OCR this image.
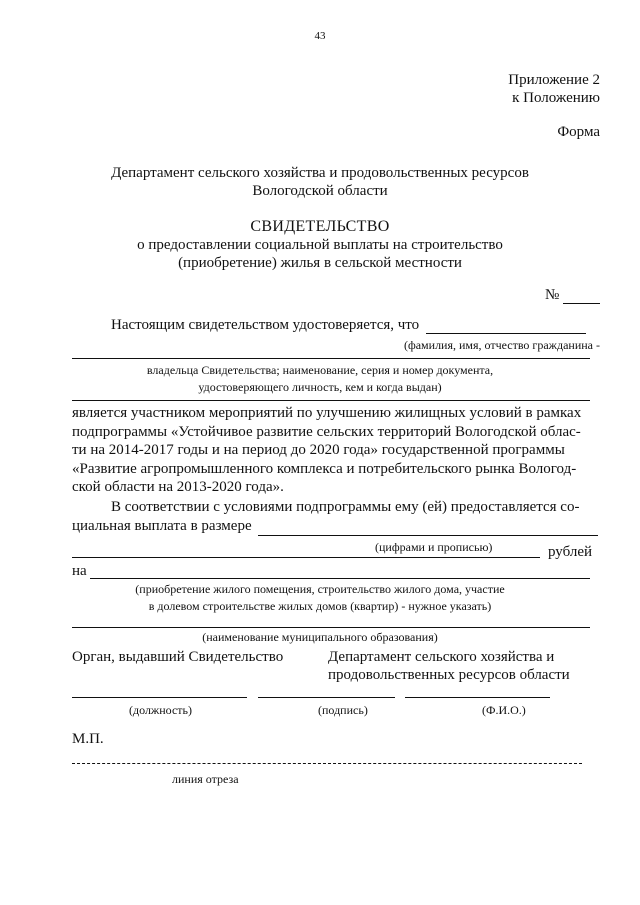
43
Приложение 2
к Положению
Форма
Департамент сельского хозяйства и продовольственных ресурсов
Вологодской области
СВИДЕТЕЛЬСТВО
о предоставлении социальной выплаты на строительство
(приобретение) жилья в сельской местности
№
Настоящим свидетельством удостоверяется, что
(фамилия, имя, отчество гражданина -
владельца Свидетельства; наименование, серия и номер документа,
удостоверяющего личность, кем и когда выдан)

является участником мероприятий по улучшению жилищных условий в рамках

подпрограммы «Устойчивое развитие сельских территорий Вологодской облас-

ти на 2014-2017 годы и на период до 2020 года» государственной программы

«Развитие агропромышленного комплекса и потребительского рынка Вологод-

ской области на 2013-2020 года».

В соответствии с условиями подпрограммы ему (ей) предоставляется со-
циальная выплата в размере
(цифрами и прописью)	рублей
на
(приобретение жилого помещения, строительство жилого дома, участие
в долевом строительстве жилых домов (квартир) - нужное указать)
(наименование муниципального образования)
Орган, выдавший Свидетельство	Департамент сельского хозяйства и
продовольственных ресурсов области
(должность)	(подпись)	(Ф.И.О.)
М.П.
линия отреза
